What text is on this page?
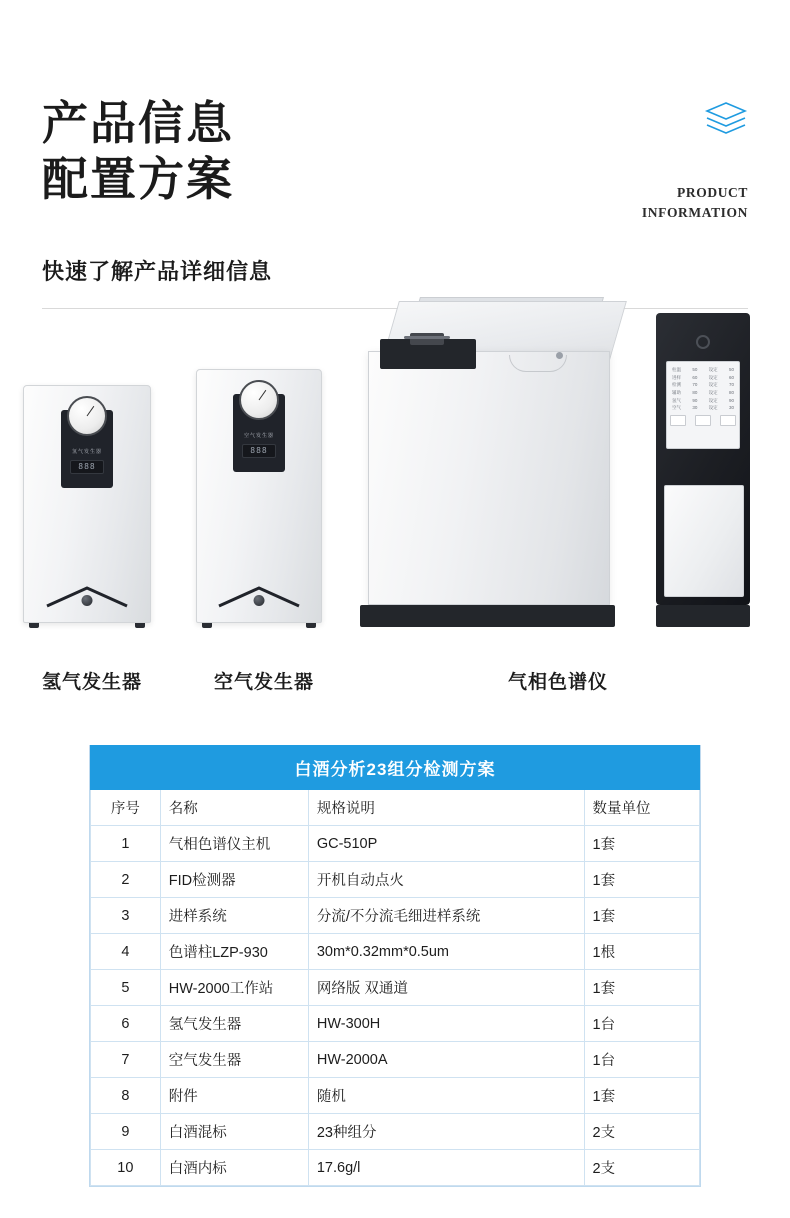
产品信息
配置方案	PRODUCT
INFORMATION
快速了解产品详细信息
氢气发生器
888
空气发生器
888
柱温	50	设定	50
进样	60	设定	60
检测	70	设定	70
辅助	80	设定	80
氢气	90	设定	90
空气	30	设定	30
氢气发生器	空气发生器	气相色谱仪
白酒分析23组分检测方案			
序号	名称	规格说明	数量单位
1	气相色谱仪主机	GC-510P	1套
2	FID检测器	开机自动点火	1套
3	进样系统	分流/不分流毛细进样系统	1套
4	色谱柱LZP-930	30m*0.32mm*0.5um	1根
5	HW-2000工作站	网络版 双通道	1套
6	氢气发生器	HW-300H	1台
7	空气发生器	HW-2000A	1台
8	附件	随机	1套
9	白酒混标	23种组分	2支
10	白酒内标	17.6g/l	2支
